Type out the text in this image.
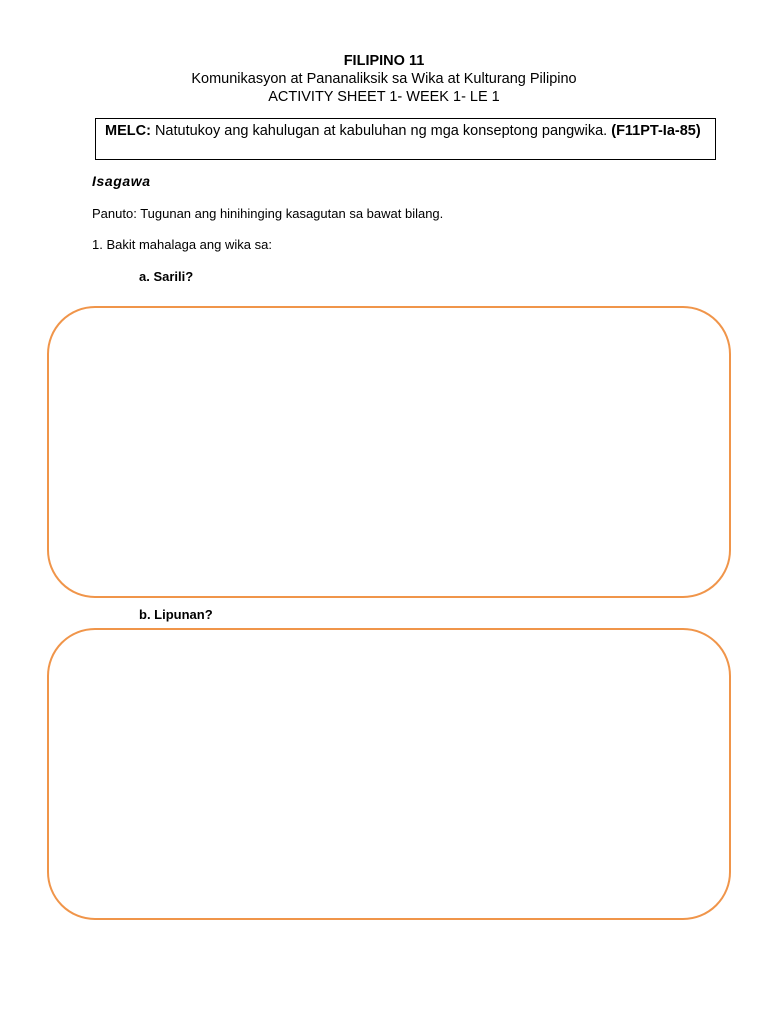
FILIPINO 11
Komunikasyon at Pananaliksik sa Wika at Kulturang Pilipino
ACTIVITY SHEET 1- WEEK 1- LE 1
MELC: Natutukoy ang kahulugan at kabuluhan ng mga konseptong pangwika. (F11PT-Ia-85)
Isagawa
Panuto: Tugunan ang hinihinging kasagutan sa bawat bilang.
1. Bakit mahalaga ang wika sa:
a. Sarili?
b. Lipunan?
